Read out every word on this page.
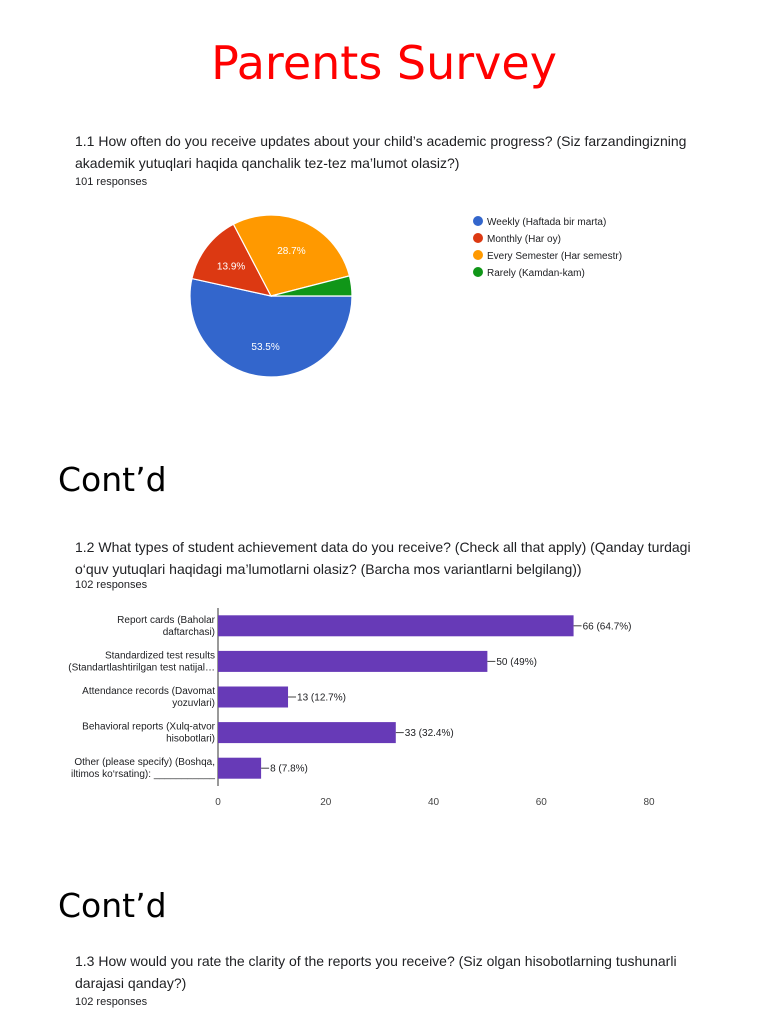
Parents Survey
1.1 How often do you receive updates about your child’s academic progress? (Siz farzandingizning akademik yutuqlari haqida qanchalik tez-tez ma’lumot olasiz?)
101 responses
53.5%
13.9%
28.7%
Weekly (Haftada bir marta)
Monthly (Har oy)
Every Semester (Har semestr)
Rarely (Kamdan-kam)
Cont’d
1.2 What types of student achievement data do you receive? (Check all that apply) (Qanday turdagi o‘quv yutuqlari haqidagi ma’lumotlarni olasiz? (Barcha mos variantlarni belgilang))
102 responses
66 (64.7%)
Report cards (Baholar
daftarchasi)
50 (49%)
Standardized test results
(Standartlashtirilgan test natijal…
13 (12.7%)
Attendance records (Davomat
yozuvlari)
33 (32.4%)
Behavioral reports (Xulq-atvor
hisobotlari)
8 (7.8%)
Other (please specify) (Boshqa,
iltimos ko‘rsating): ___________
0	20	40	60	80
Cont’d
1.3 How would you rate the clarity of the reports you receive? (Siz olgan hisobotlarning tushunarli darajasi qanday?)
102 responses
